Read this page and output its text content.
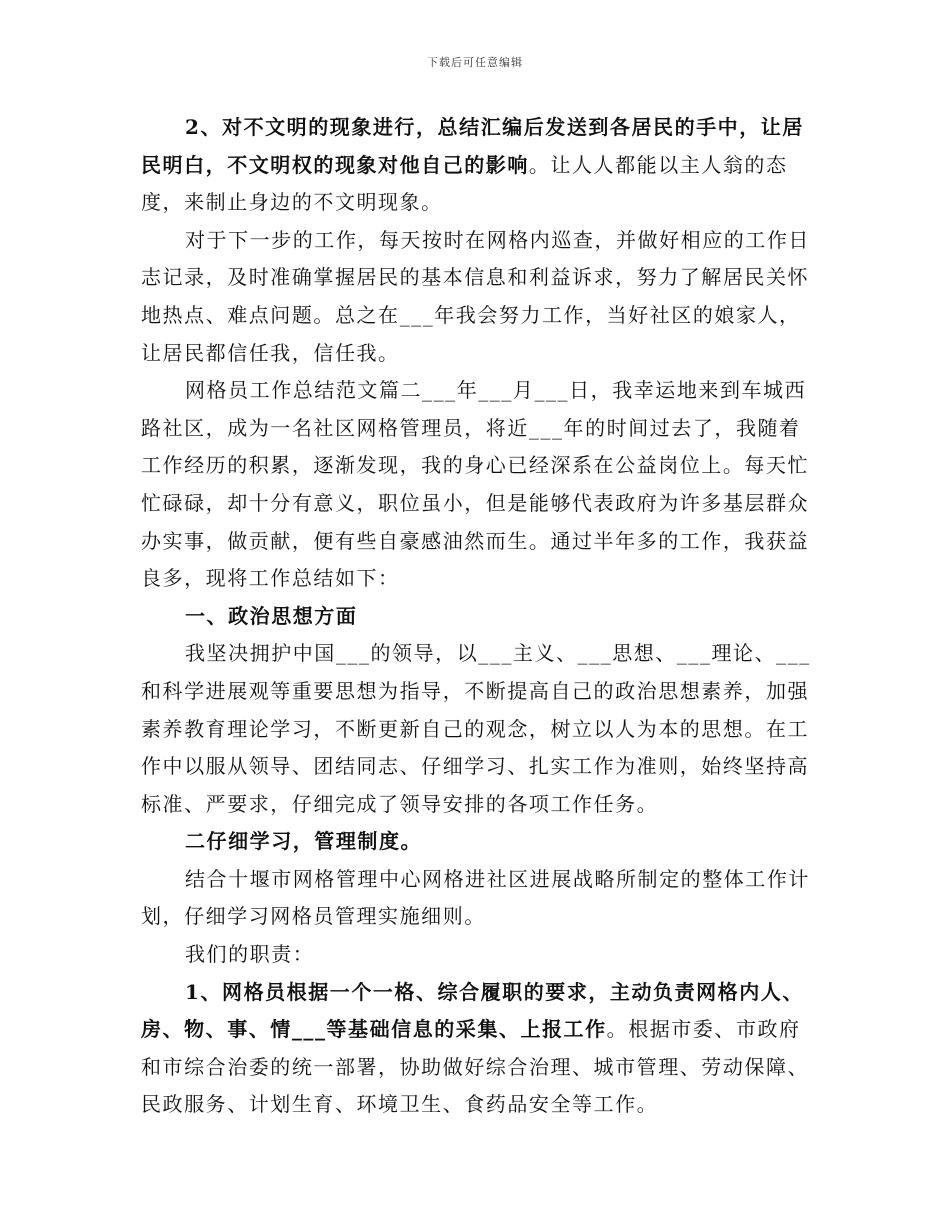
下载后可任意编辑

2、对不文明的现象进行，总结汇编后发送到各居民的手中，让居民明白，不文明权的现象对他自己的影响。让人人都能以主人翁的态度，来制止身边的不文明现象。

对于下一步的工作，每天按时在网格内巡查，并做好相应的工作日志记录，及时准确掌握居民的基本信息和利益诉求，努力了解居民关怀地热点、难点问题。总之在___年我会努力工作，当好社区的娘家人，让居民都信任我，信任我。

网格员工作总结范文篇二___年___月___日，我幸运地来到车城西路社区，成为一名社区网格管理员，将近___年的时间过去了，我随着工作经历的积累，逐渐发现，我的身心已经深系在公益岗位上。每天忙忙碌碌，却十分有意义，职位虽小，但是能够代表政府为许多基层群众办实事，做贡献，便有些自豪感油然而生。通过半年多的工作，我获益良多，现将工作总结如下：

一、政治思想方面

我坚决拥护中国___的领导，以___主义、___思想、___理论、___和科学进展观等重要思想为指导，不断提高自己的政治思想素养，加强素养教育理论学习，不断更新自己的观念，树立以人为本的思想。在工作中以服从领导、团结同志、仔细学习、扎实工作为准则，始终坚持高标准、严要求，仔细完成了领导安排的各项工作任务。

二仔细学习，管理制度。

结合十堰市网格管理中心网格进社区进展战略所制定的整体工作计划，仔细学习网格员管理实施细则。

我们的职责：

1、网格员根据一个一格、综合履职的要求，主动负责网格内人、房、物、事、情___等基础信息的采集、上报工作。根据市委、市政府和市综合治委的统一部署，协助做好综合治理、城市管理、劳动保障、民政服务、计划生育、环境卫生、食药品安全等工作。
